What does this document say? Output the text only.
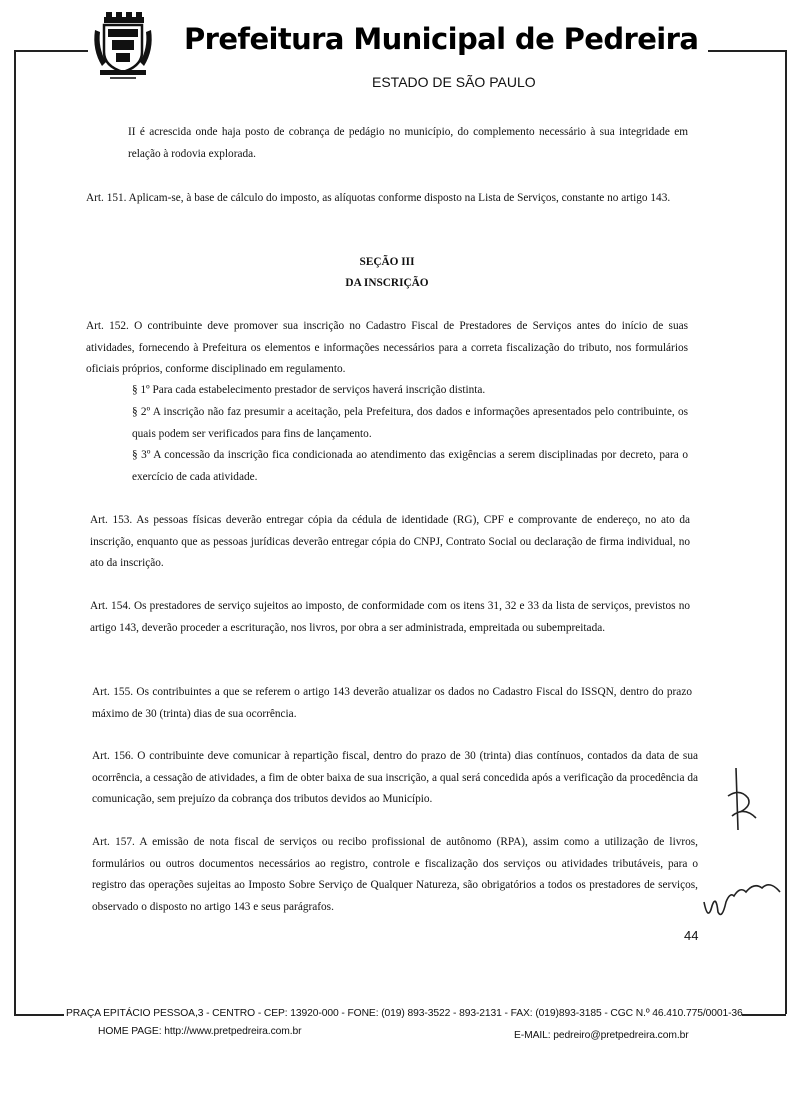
Prefeitura Municipal de Pedreira
ESTADO DE SÃO PAULO
II é acrescida onde haja posto de cobrança de pedágio no município, do complemento necessário à sua integridade em relação à rodovia explorada.
Art. 151. Aplicam-se, à base de cálculo do imposto, as alíquotas conforme disposto na Lista de Serviços, constante no artigo 143.
SEÇÃO III
DA INSCRIÇÃO
Art. 152. O contribuinte deve promover sua inscrição no Cadastro Fiscal de Prestadores de Serviços antes do início de suas atividades, fornecendo à Prefeitura os elementos e informações necessários para a correta fiscalização do tributo, nos formulários oficiais próprios, conforme disciplinado em regulamento.
§ 1º Para cada estabelecimento prestador de serviços haverá inscrição distinta.
§ 2º A inscrição não faz presumir a aceitação, pela Prefeitura, dos dados e informações apresentados pelo contribuinte, os quais podem ser verificados para fins de lançamento.
§ 3º A concessão da inscrição fica condicionada ao atendimento das exigências a serem disciplinadas por decreto, para o exercício de cada atividade.
Art. 153. As pessoas físicas deverão entregar cópia da cédula de identidade (RG), CPF e comprovante de endereço, no ato da inscrição, enquanto que as pessoas jurídicas deverão entregar cópia do CNPJ, Contrato Social ou declaração de firma individual, no ato da inscrição.
Art. 154. Os prestadores de serviço sujeitos ao imposto, de conformidade com os itens 31, 32 e 33 da lista de serviços, previstos no artigo 143, deverão proceder a escrituração, nos livros, por obra a ser administrada, empreitada ou subempreitada.
Art. 155. Os contribuintes a que se referem o artigo 143 deverão atualizar os dados no Cadastro Fiscal do ISSQN, dentro do prazo máximo de 30 (trinta) dias de sua ocorrência.
Art. 156. O contribuinte deve comunicar à repartição fiscal, dentro do prazo de 30 (trinta) dias contínuos, contados da data de sua ocorrência, a cessação de atividades, a fim de obter baixa de sua inscrição, a qual será concedida após a verificação da procedência da comunicação, sem prejuízo da cobrança dos tributos devidos ao Município.
Art. 157. A emissão de nota fiscal de serviços ou recibo profissional de autônomo (RPA), assim como a utilização de livros, formulários ou outros documentos necessários ao registro, controle e fiscalização dos serviços ou atividades tributáveis, para o registro das operações sujeitas ao Imposto Sobre Serviço de Qualquer Natureza, são obrigatórios a todos os prestadores de serviços, observado o disposto no artigo 143 e seus parágrafos.
44
PRAÇA EPITÁCIO PESSOA,3 - CENTRO - CEP: 13920-000 - FONE: (019) 893-3522 - 893-2131 - FAX: (019)893-3185 - CGC N.º 46.410.775/0001-36
HOME PAGE: http://www.pretpedreira.com.br	E-MAIL: pedreiro@pretpedreira.com.br
